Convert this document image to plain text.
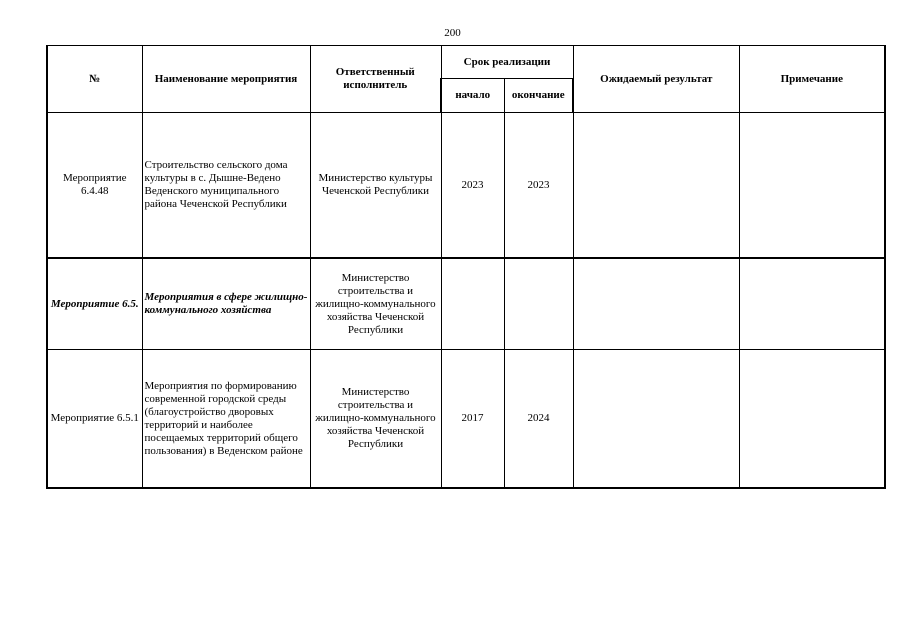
200
№	Наименование мероприятия	Ответственный исполнитель	Срок реализации		Ожидаемый результат	Примечание
			начало	окончание		
Мероприятие 6.4.48	Строительство сельского дома культуры в с. Дышне-Ведено Веденского муниципального района Чеченской Республики	Министерство культуры Чеченской Республики	2023	2023		
Мероприятие 6.5.	Мероприятия в сфере жилищно-коммунального хозяйства	Министерство строительства и жилищно-коммунального хозяйства Чеченской Республики				
Мероприятие 6.5.1	Мероприятия по формированию современной городской среды (благоустройство дворовых территорий и наиболее посещаемых территорий общего пользования) в Веденском районе	Министерство строительства и жилищно-коммунального хозяйства Чеченской Республики	2017	2024		
